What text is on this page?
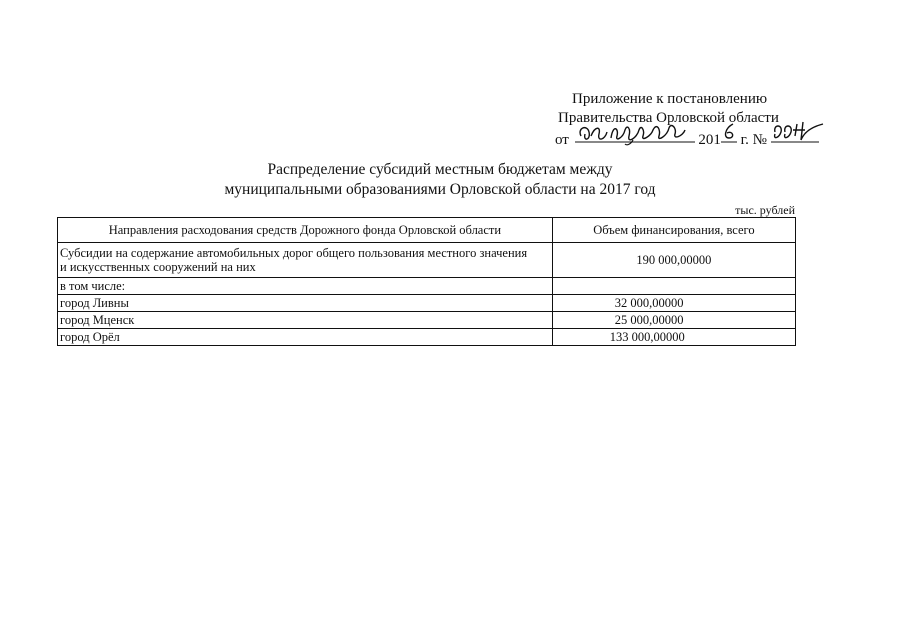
Приложение к постановлению
Правительства Орловской области
от	201 г. №
Распределение субсидий местным бюджетам между
муниципальными образованиями Орловской области на 2017 год
тыс. рублей
Направления расходования средств Дорожного фонда Орловской области	Объем финансирования, всего

Субсидии на содержание автомобильных дорог общего пользования местного значения
и искусственных сооружений на них	190 000,00000
в том числе:	
город Ливны	32 000,00000
город Мценск	25 000,00000
город Орёл	133 000,00000
